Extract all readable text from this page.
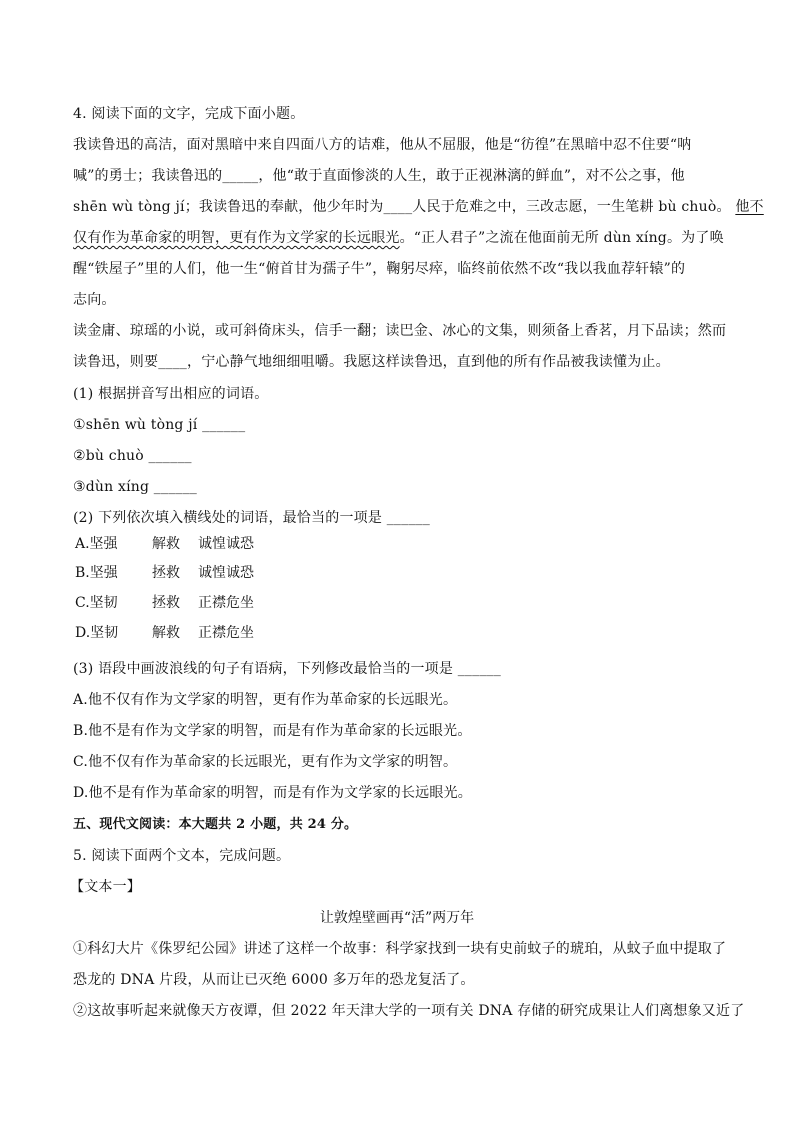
4. 阅读下面的文字，完成下面小题。
我读鲁迅的高洁，面对黑暗中来自四面八方的诘难，他从不屈服，他是“彷徨”在黑暗中忍不住要“呐
喊”的勇士；我读鲁迅的_____，他“敢于直面惨淡的人生，敢于正视淋漓的鲜血”，对不公之事，他
shēn wù tòng jí；我读鲁迅的奉献，他少年时为____人民于危难之中，三改志愿，一生笔耕 bù chuò。 他不
仅有作为革命家的明智，更有作为文学家的长远眼光。“正人君子”之流在他面前无所 dùn xíng。为了唤
醒“铁屋子”里的人们，他一生“俯首甘为孺子牛”，鞠躬尽瘁，临终前依然不改“我以我血荐轩辕”的
志向。
读金庸、琼瑶的小说，或可斜倚床头，信手一翻；读巴金、冰心的文集，则须备上香茗，月下品读；然而
读鲁迅，则要____，宁心静气地细细咀嚼。我愿这样读鲁迅，直到他的所有作品被我读懂为止。
(1) 根据拼音写出相应的词语。
①shēn wù tòng jí ______
②bù chuò ______
③dùn xíng ______
(2) 下列依次填入横线处的词语，最恰当的一项是 ______
A.坚强 解救 诚惶诚恐
B.坚强 拯救 诚惶诚恐
C.坚韧 拯救 正襟危坐
D.坚韧 解救 正襟危坐
(3) 语段中画波浪线的句子有语病，下列修改最恰当的一项是 ______
A.他不仅有作为文学家的明智，更有作为革命家的长远眼光。
B.他不是有作为文学家的明智，而是有作为革命家的长远眼光。
C.他不仅有作为革命家的长远眼光，更有作为文学家的明智。
D.他不是有作为革命家的明智，而是有作为文学家的长远眼光。
五、现代文阅读：本大题共 2 小题，共 24 分。
5. 阅读下面两个文本，完成问题。
【文本一】
让敦煌壁画再“活”两万年
①科幻大片《侏罗纪公园》讲述了这样一个故事：科学家找到一块有史前蚊子的琥珀，从蚊子血中提取了
恐龙的 DNA 片段，从而让已灭绝 6000 多万年的恐龙复活了。
②这故事听起来就像天方夜谭，但 2022 年天津大学的一项有关 DNA 存储的研究成果让人们离想象又近了
